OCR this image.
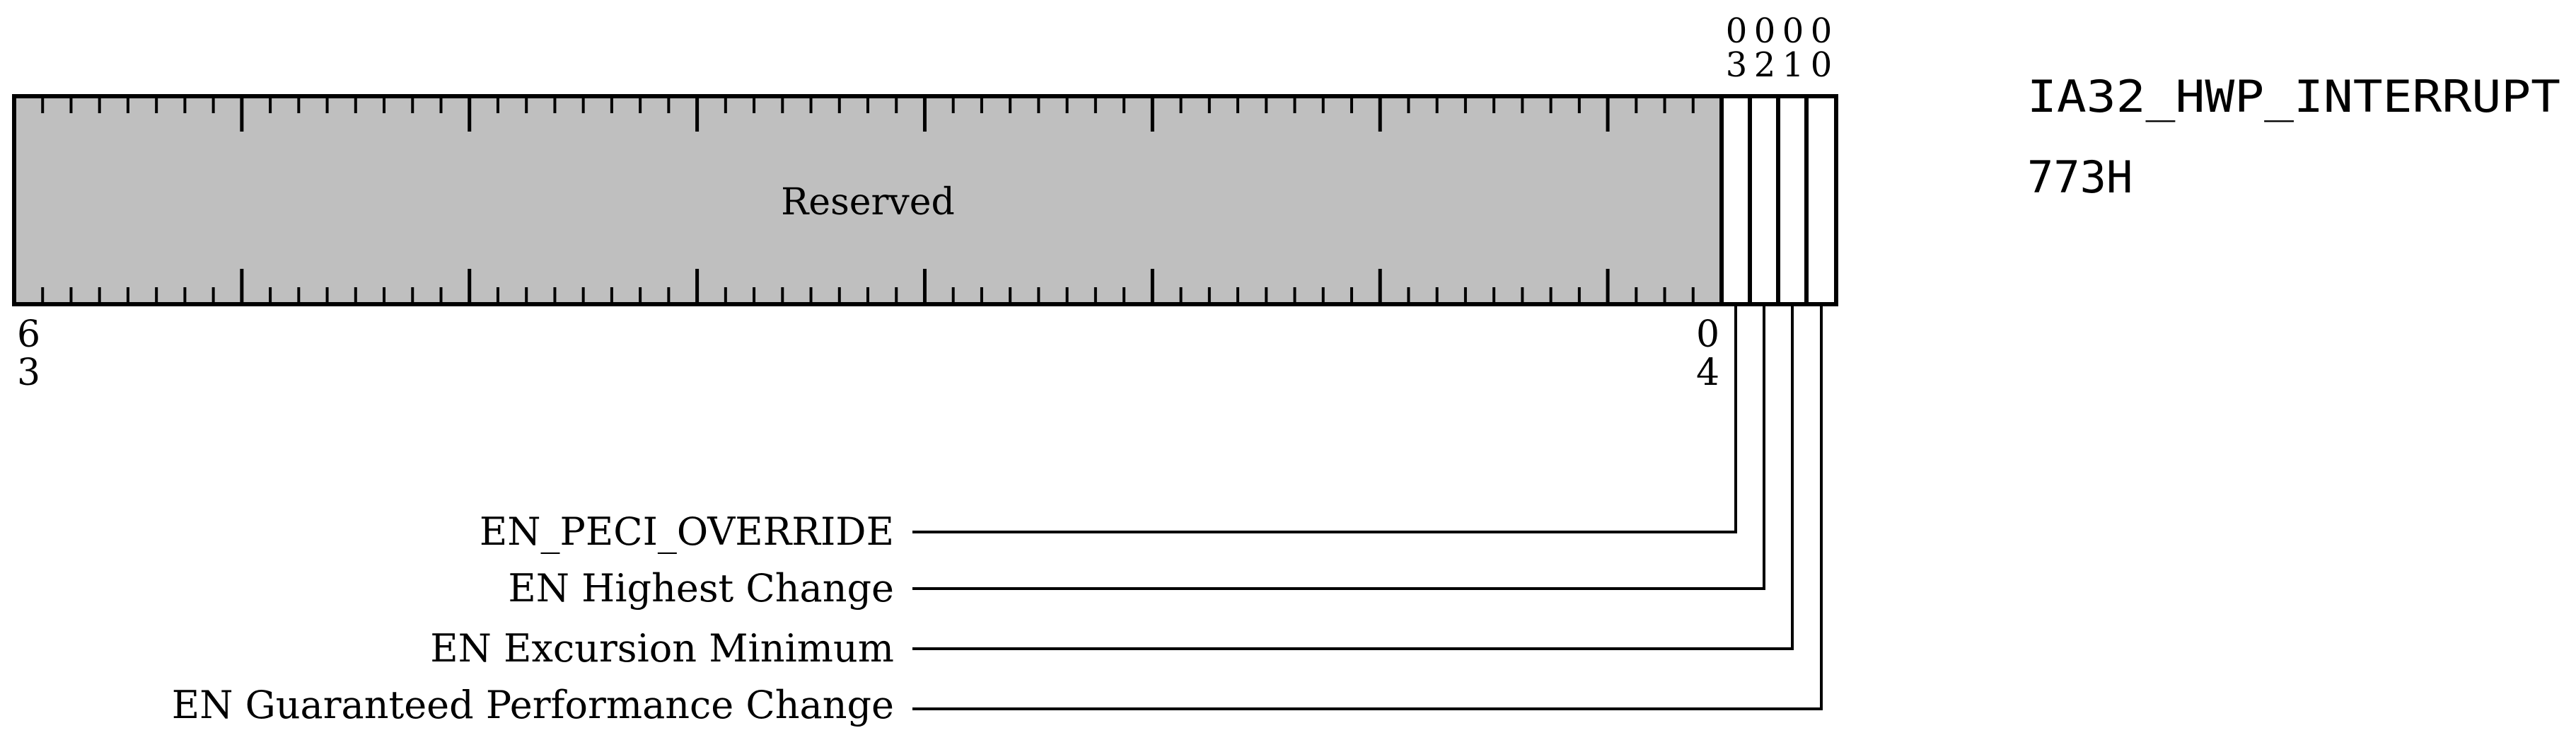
Reserved
0
3
0
2
0
1
0
0
6
3
0
4
EN_PECI_OVERRIDE
EN Highest Change
EN Excursion Minimum
EN Guaranteed Performance Change
IA32_HWP_INTERRUPT
773H
